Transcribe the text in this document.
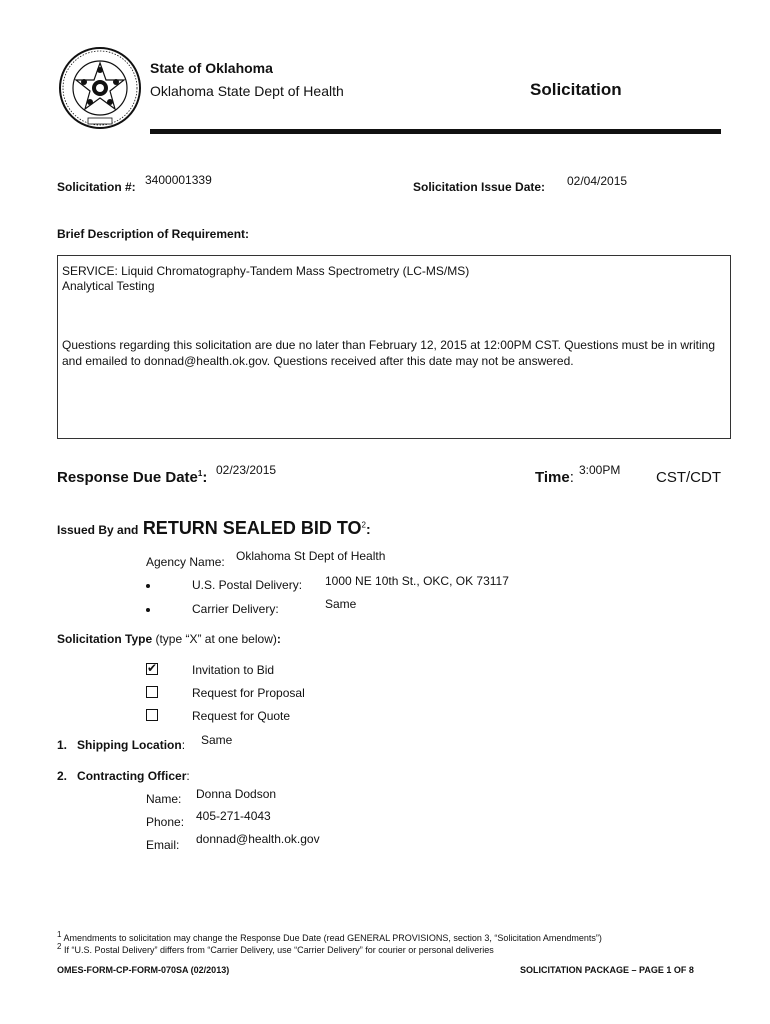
State of Oklahoma
Oklahoma State Dept of Health	Solicitation
Solicitation #: 3400001339	Solicitation Issue Date: 02/04/2015
Brief Description of Requirement:

SERVICE: Liquid Chromatography-Tandem Mass Spectrometry (LC-MS/MS)

Analytical Testing

Questions regarding this solicitation are due no later than February 12, 2015 at 12:00PM CST. Questions must be in writing and emailed to donnad@health.ok.gov. Questions received after this date may not be answered.

Response Due Date$^1$: 02/23/2015	Time: 3:00PM CST/CDT
Issued By and RETURN SEALED BID $TO^2$:
Agency Name: Oklahoma St Dept of Health
U.S. Postal Delivery: 1000 NE 10th St., OKC, OK 73117
Carrier Delivery:	Same
Solicitation Type (type “X” at one below):
✔	Invitation to Bid
Request for Proposal
Request for Quote
1. Shipping Location: Same
2. Contracting Officer:
Name: Donna Dodson
Phone: 405-271-4043
Email: donnad@health.ok.gov
$^1$ Amendments to solicitation may change the Response Due Date (read GENERAL PROVISIONS, section 3, “Solicitation Amendments”)
$^2$ If “U.S. Postal Delivery” differs from “Carrier Delivery, use “Carrier Delivery” for courier or personal deliveries
OMES-FORM-CP-FORM-070SA (02/2013)	SOLICITATION PACKAGE – PAGE 1 OF 8
